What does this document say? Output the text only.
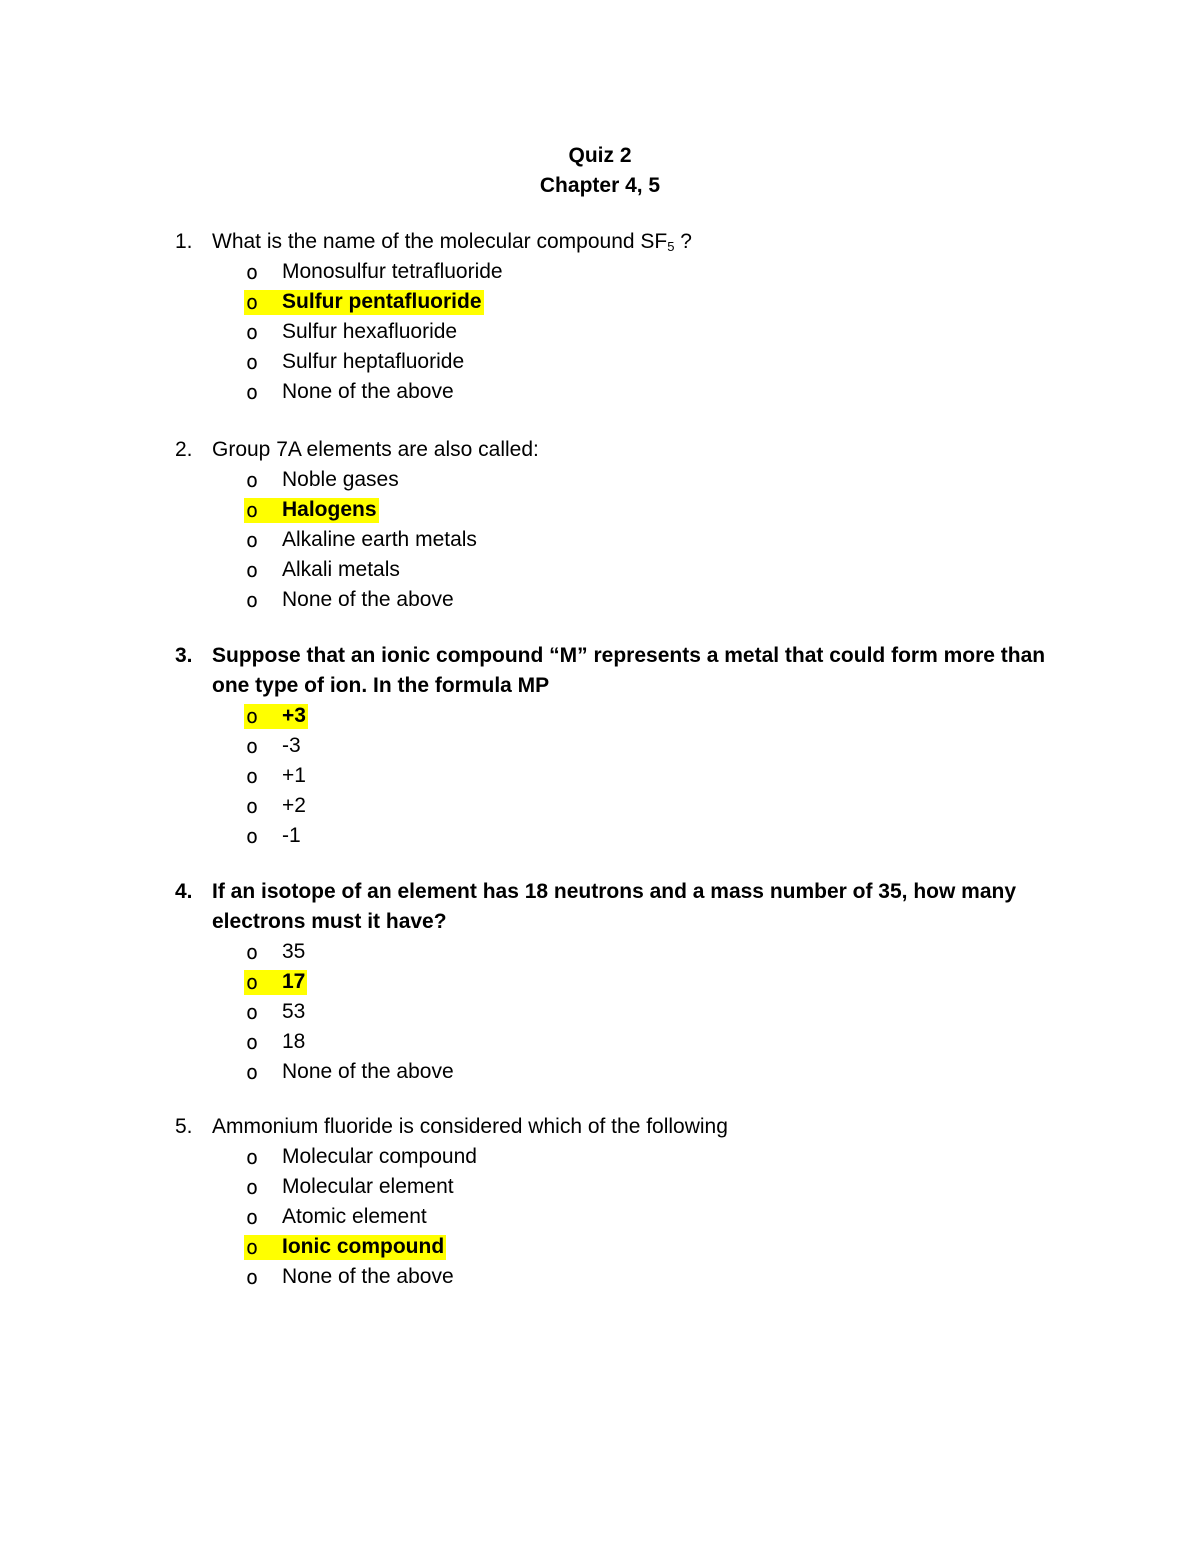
Quiz 2
Chapter 4, 5
1. What is the name of the molecular compound $SF_5$ ?
o Monosulfur tetrafluoride
o Sulfur pentafluoride
o Sulfur hexafluoride
o Sulfur heptafluoride
o None of the above
2. Group 7A elements are also called:
o Noble gases
o Halogens
o Alkaline earth metals
o Alkali metals
o None of the above
3. Suppose that an ionic compound “M” represents a metal that could form more than one type of ion. In the formula MP
o +3
o -3
o +1
o +2
o -1
4. If an isotope of an element has 18 neutrons and a mass number of 35, how many electrons must it have?
o 35
o 17
o 53
o 18
o None of the above
5. Ammonium fluoride is considered which of the following
o Molecular compound
o Molecular element
o Atomic element
o Ionic compound
o None of the above
